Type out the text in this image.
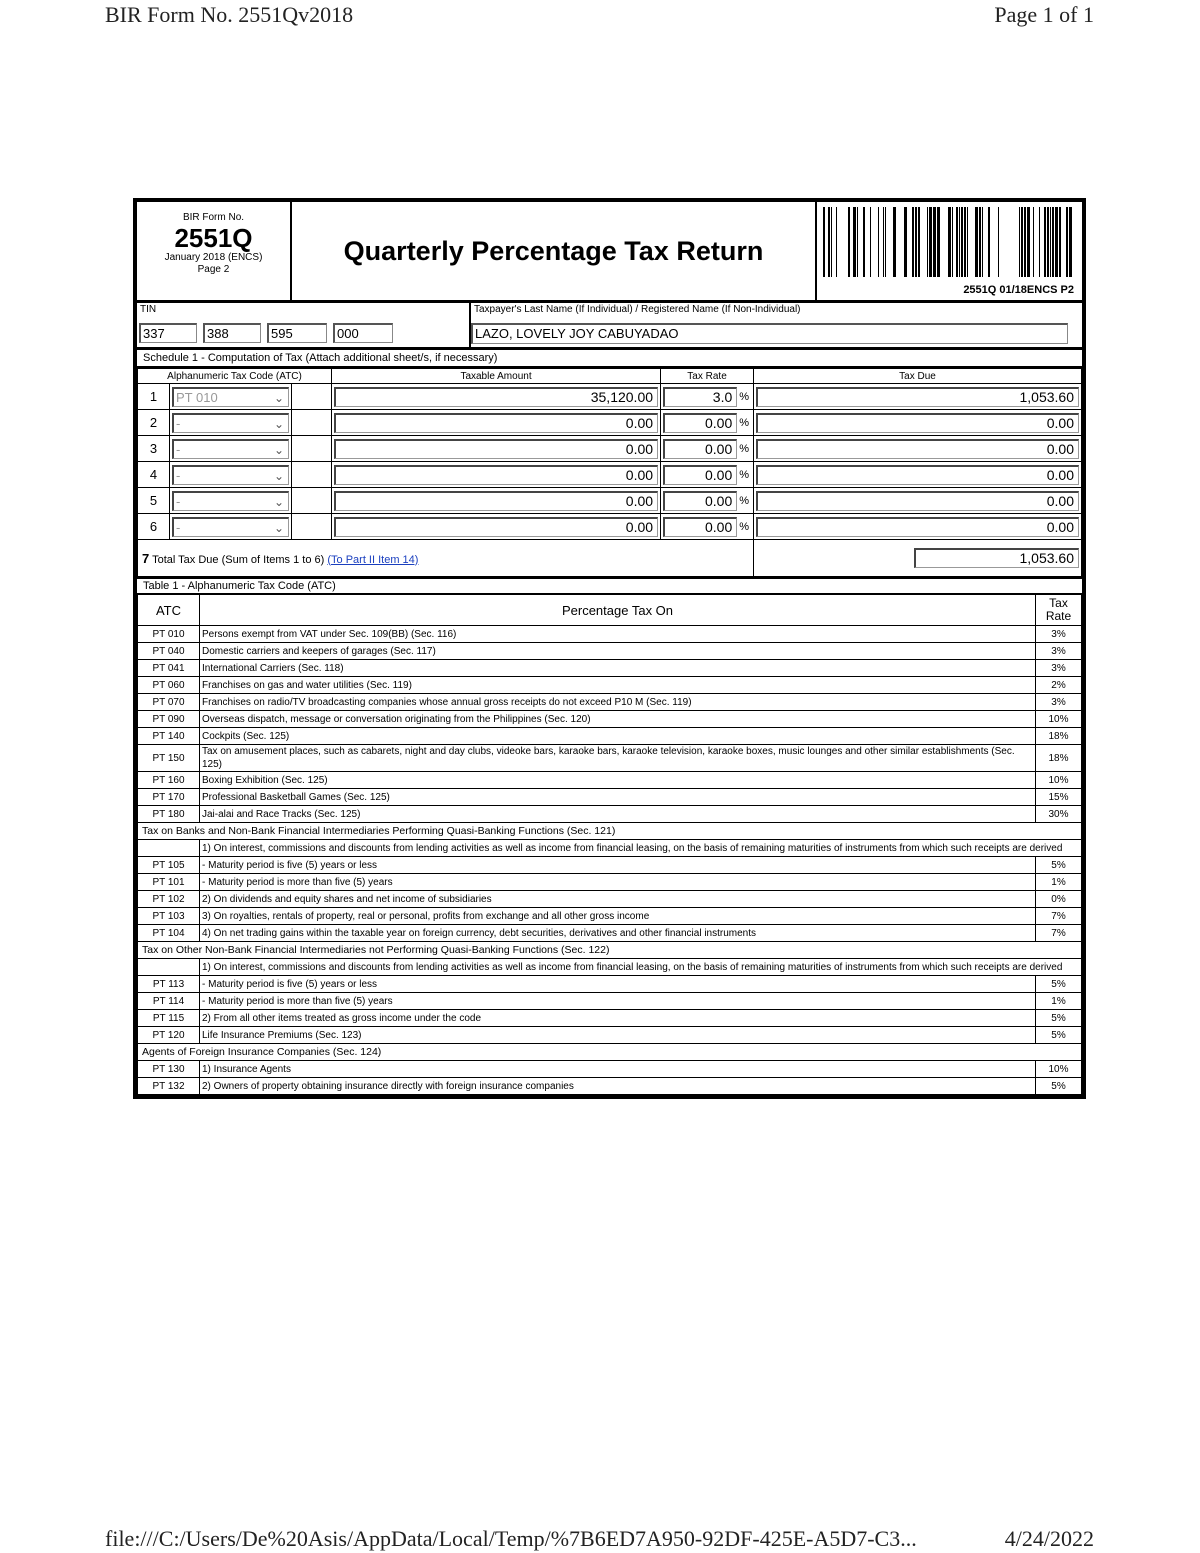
BIR Form No. 2551Qv2018	Page 1 of 1
BIR Form No.
2551Q
January 2018 (ENCS)
Page 2
Quarterly Percentage Tax Return
2551Q 01/18ENCS P2
TIN
337	388	595	000
Taxpayer's Last Name (If Individual) / Registered Name (If Non-Individual)
LAZO, LOVELY JOY CABUYADAO
Schedule 1 - Computation of Tax (Attach additional sheet/s, if necessary)
Alphanumeric Tax Code (ATC)			Taxable Amount	Tax Rate	Tax Due
1	PT 010 ⌄		35,120.00	3.0 %	1,053.60

2	- ⌄		0.00	0.00 %	0.00

3	- ⌄		0.00	0.00 %	0.00

4	- ⌄		0.00	0.00 %	0.00

5	- ⌄		0.00	0.00 %	0.00

6	- ⌄		0.00	0.00 %	0.00

7 Total Tax Due (Sum of Items 1 to 6) (To Part II Item 14)					1,053.60
Table 1 - Alphanumeric Tax Code (ATC)
ATC	Percentage Tax On	Tax Rate
PT 010	Persons exempt from VAT under Sec. 109(BB) (Sec. 116)	3%
PT 040	Domestic carriers and keepers of garages (Sec. 117)	3%
PT 041	International Carriers (Sec. 118)	3%
PT 060	Franchises on gas and water utilities (Sec. 119)	2%
PT 070	Franchises on radio/TV broadcasting companies whose annual gross receipts do not exceed P10 M (Sec. 119)	3%
PT 090	Overseas dispatch, message or conversation originating from the Philippines (Sec. 120)	10%
PT 140	Cockpits (Sec. 125)	18%
PT 150	Tax on amusement places, such as cabarets, night and day clubs, videoke bars, karaoke bars, karaoke television, karaoke boxes, music lounges and other similar establishments (Sec. 125)	18%
PT 160	Boxing Exhibition (Sec. 125)	10%
PT 170	Professional Basketball Games (Sec. 125)	15%
PT 180	Jai-alai and Race Tracks (Sec. 125)	30%
Tax on Banks and Non-Bank Financial Intermediaries Performing Quasi-Banking Functions (Sec. 121)		
	1) On interest, commissions and discounts from lending activities as well as income from financial leasing, on the basis of remaining maturities of instruments from which such receipts are derived	
PT 105	- Maturity period is five (5) years or less	5%
PT 101	- Maturity period is more than five (5) years	1%
PT 102	2) On dividends and equity shares and net income of subsidiaries	0%
PT 103	3) On royalties, rentals of property, real or personal, profits from exchange and all other gross income	7%
PT 104	4) On net trading gains within the taxable year on foreign currency, debt securities, derivatives and other financial instruments	7%
Tax on Other Non-Bank Financial Intermediaries not Performing Quasi-Banking Functions (Sec. 122)		
	1) On interest, commissions and discounts from lending activities as well as income from financial leasing, on the basis of remaining maturities of instruments from which such receipts are derived	
PT 113	- Maturity period is five (5) years or less	5%
PT 114	- Maturity period is more than five (5) years	1%
PT 115	2) From all other items treated as gross income under the code	5%
PT 120	Life Insurance Premiums (Sec. 123)	5%
Agents of Foreign Insurance Companies (Sec. 124)		
PT 130	1) Insurance Agents	10%
PT 132	2) Owners of property obtaining insurance directly with foreign insurance companies	5%
file:///C:/Users/De%20Asis/AppData/Local/Temp/%7B6ED7A950-92DF-425E-A5D7-C3...	4/24/2022
